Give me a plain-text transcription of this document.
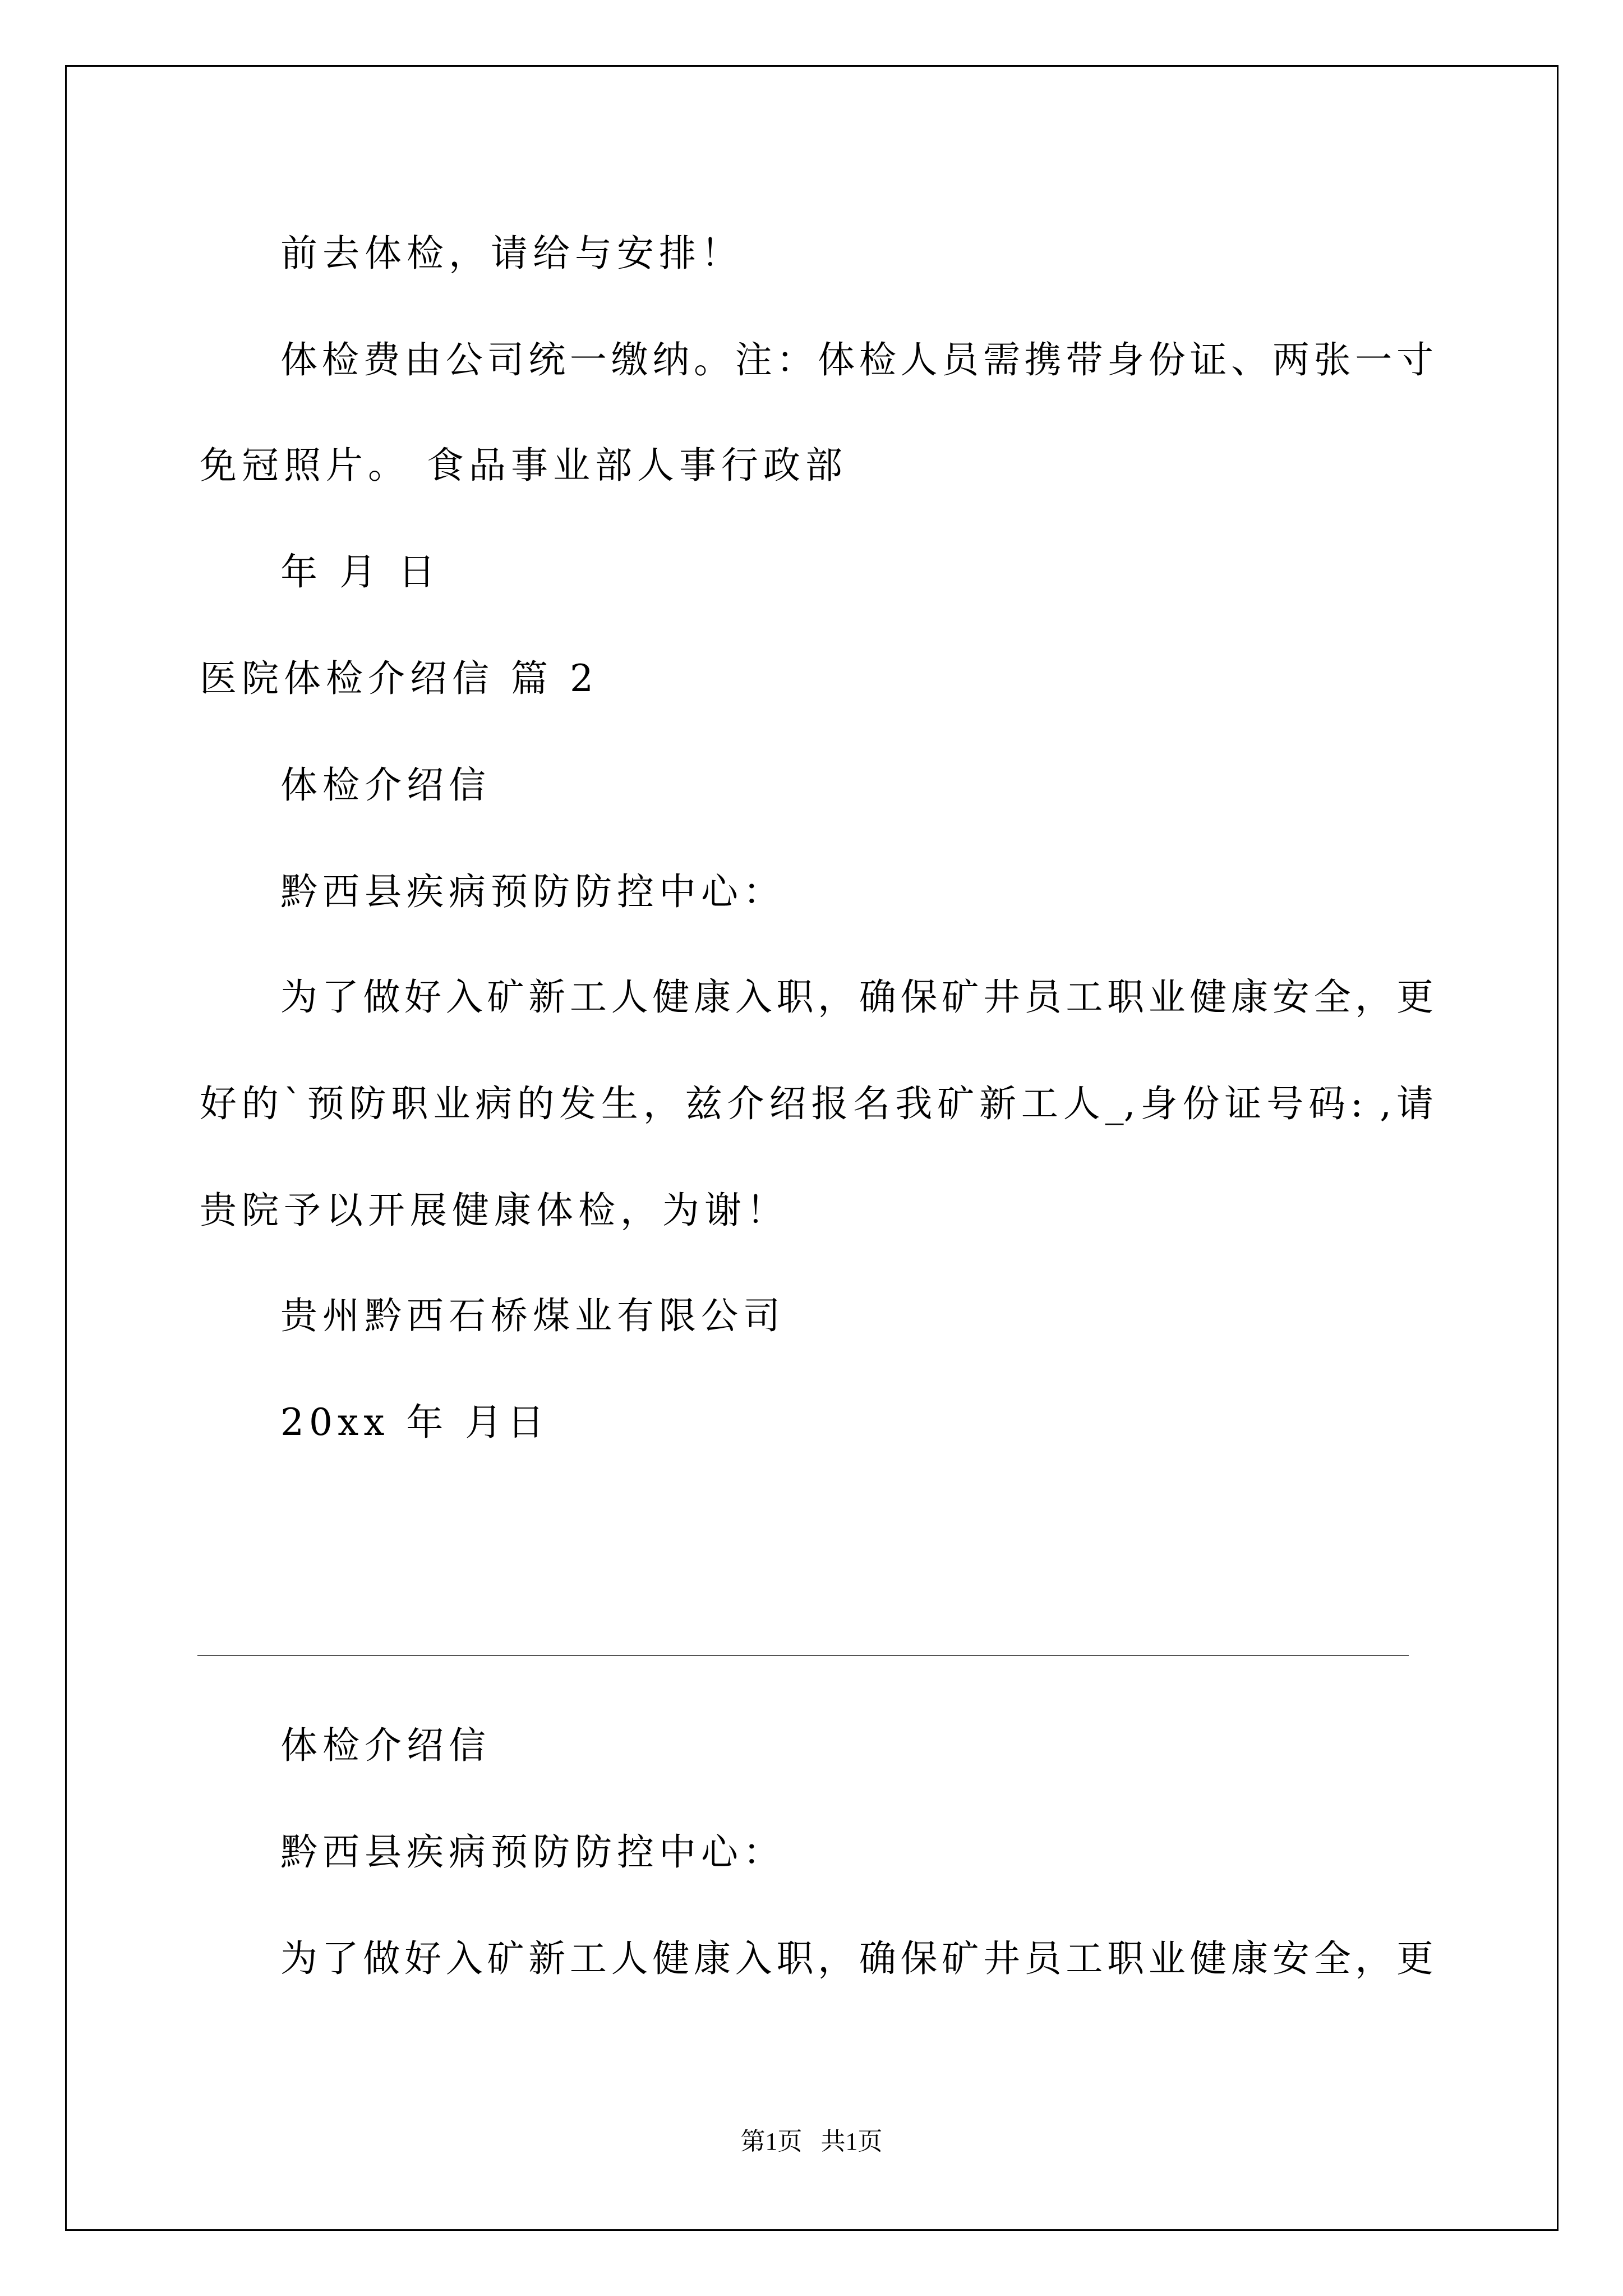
前去体检，请给与安排！
体检费由公司统一缴纳。注：体检人员需携带身份证、两张一寸
免冠照片。 食品事业部人事行政部
年 月 日
医院体检介绍信 篇 2
体检介绍信
黔西县疾病预防防控中心：
为了做好入矿新工人健康入职，确保矿井员工职业健康安全，更
好的`预防职业病的发生，兹介绍报名我矿新工人_,身份证号码: ,请
贵院予以开展健康体检，为谢！
贵州黔西石桥煤业有限公司
20xx 年 月日
体检介绍信
黔西县疾病预防防控中心：
为了做好入矿新工人健康入职，确保矿井员工职业健康安全，更
第1页   共1页
